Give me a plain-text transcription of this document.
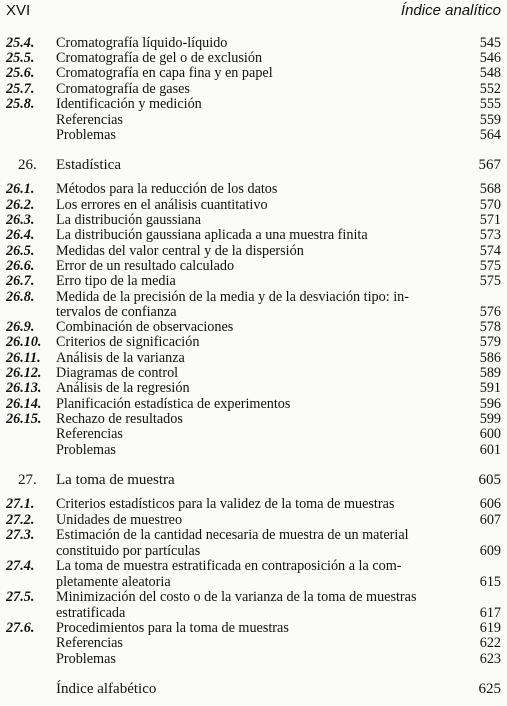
XVI	Índice analítico
25.4. Cromatografía líquido-líquido	545
25.5. Cromatografía de gel o de exclusión	546
25.6. Cromatografía en capa fina y en papel	548
25.7. Cromatografía de gases	552
25.8. Identificación y medición	555
Referencias	559
Problemas	564
26. Estadística	567
26.1. Métodos para la reducción de los datos	568
26.2. Los errores en el análisis cuantitativo	570
26.3. La distribución gaussiana	571
26.4. La distribución gaussiana aplicada a una muestra finita	573
26.5. Medidas del valor central y de la dispersión	574
26.6. Error de un resultado calculado	575
26.7. Erro tipo de la media	575
26.8. Medida de la precisión de la media y de la desviación tipo: in-
tervalos de confianza	576
26.9. Combinación de observaciones	578
26.10. Criterios de significación	579
26.11. Análisis de la varianza	586
26.12. Diagramas de control	589
26.13. Análisis de la regresión	591
26.14. Planificación estadística de experimentos	596
26.15. Rechazo de resultados	599
Referencias	600
Problemas	601
27. La toma de muestra	605
27.1. Criterios estadísticos para la validez de la toma de muestras	606
27.2. Unidades de muestreo	607
27.3. Estimación de la cantidad necesaria de muestra de un material
constituido por partículas	609
27.4. La toma de muestra estratificada en contraposición a la com-
pletamente aleatoria	615
27.5. Minimización del costo o de la varianza de la toma de muestras
estratificada	617
27.6. Procedimientos para la toma de muestras	619
Referencias	622
Problemas	623
Índice alfabético	625
